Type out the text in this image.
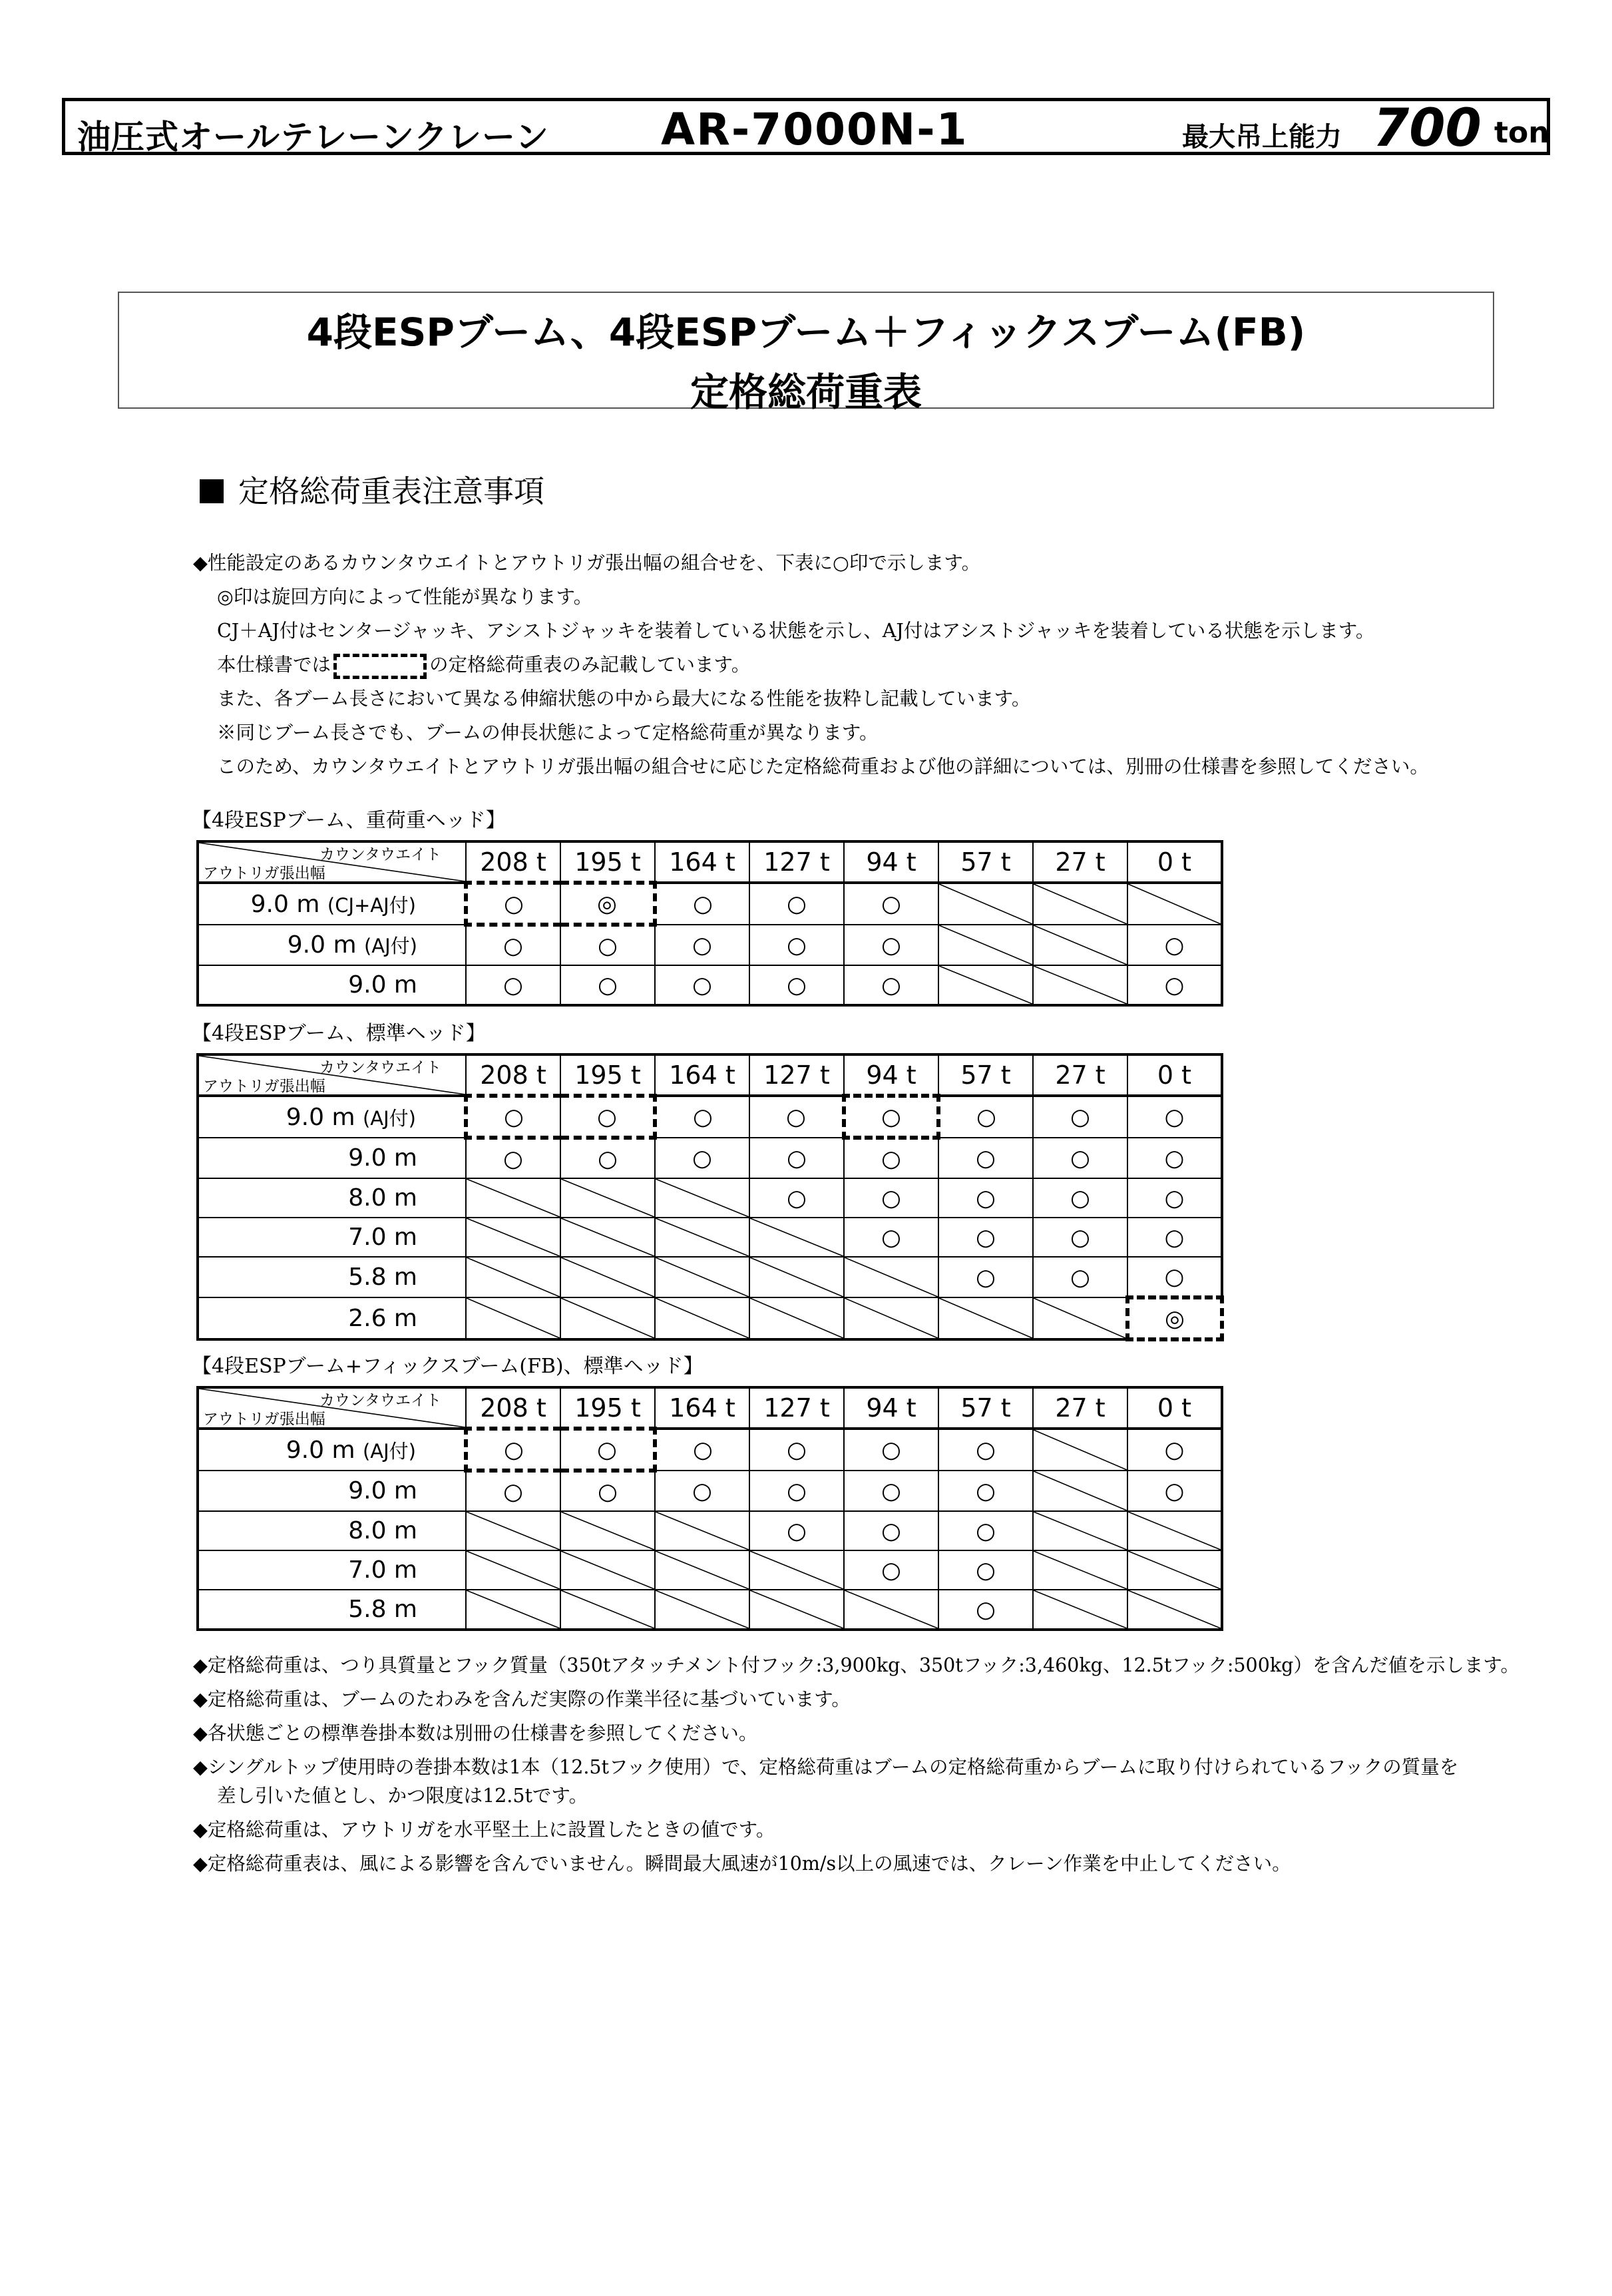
油圧式オールテレーンクレーン	AR-7000N-1	最大吊上能力 700 ton
4段ESPブーム、4段ESPブーム＋フィックスブーム(FB)
定格総荷重表
定格総荷重表注意事項
◆性能設定のあるカウンタウエイトとアウトリガ張出幅の組合せを、下表に○印で示します。
◎印は旋回方向によって性能が異なります。
CJ＋AJ付はセンタージャッキ、アシストジャッキを装着している状態を示し、AJ付はアシストジャッキを装着している状態を示します。
本仕様書では	の定格総荷重表のみ記載しています。
また、各ブーム長さにおいて異なる伸縮状態の中から最大になる性能を抜粋し記載しています。
※同じブーム長さでも、ブームの伸長状態によって定格総荷重が異なります。
このため、カウンタウエイトとアウトリガ張出幅の組合せに応じた定格総荷重および他の詳細については、別冊の仕様書を参照してください。
【4段ESPブーム、重荷重ヘッド】
【4段ESPブーム、標準ヘッド】
【4段ESPブーム+フィックスブーム(FB)、標準ヘッド】
カウンタウエイト
アウトリガ張出幅	208 t	195 t	164 t	127 t	94 t	57 t	27 t	0 t
9.0 m (CJ+AJ付)	○	◎	○	○	○	

9.0 m (AJ付)	○	○	○	○	○			○
9.0 m	○	○	○	○	○			○
カウンタウエイト
アウトリガ張出幅	208 t	195 t	164 t	127 t	94 t	57 t	27 t	0 t
9.0 m (AJ付)	○	○	○	○	○	○	○	○
9.0 m	○	○	○	○	○	○	○	○
8.0 m				○	○	○	○	○
7.0 m					○	○	○	○
5.8 m						○	○	○
2.6 m								◎
カウンタウエイト
アウトリガ張出幅	208 t	195 t	164 t	127 t	94 t	57 t	27 t	0 t
9.0 m (AJ付)	○	○	○	○	○	○		○
9.0 m	○	○	○	○	○	○		○
8.0 m				○	○	○	

7.0 m					○	○	

5.8 m						○	

◆定格総荷重は、つり具質量とフック質量（350tアタッチメント付フック:3,900kg、350tフック:3,460kg、12.5tフック:500kg）を含んだ値を示します。
◆定格総荷重は、ブームのたわみを含んだ実際の作業半径に基づいています。
◆各状態ごとの標準巻掛本数は別冊の仕様書を参照してください。
◆シングルトップ使用時の巻掛本数は1本（12.5tフック使用）で、定格総荷重はブームの定格総荷重からブームに取り付けられているフックの質量を
差し引いた値とし、かつ限度は12.5tです。
◆定格総荷重は、アウトリガを水平堅土上に設置したときの値です。
◆定格総荷重表は、風による影響を含んでいません。瞬間最大風速が10m/s以上の風速では、クレーン作業を中止してください。
